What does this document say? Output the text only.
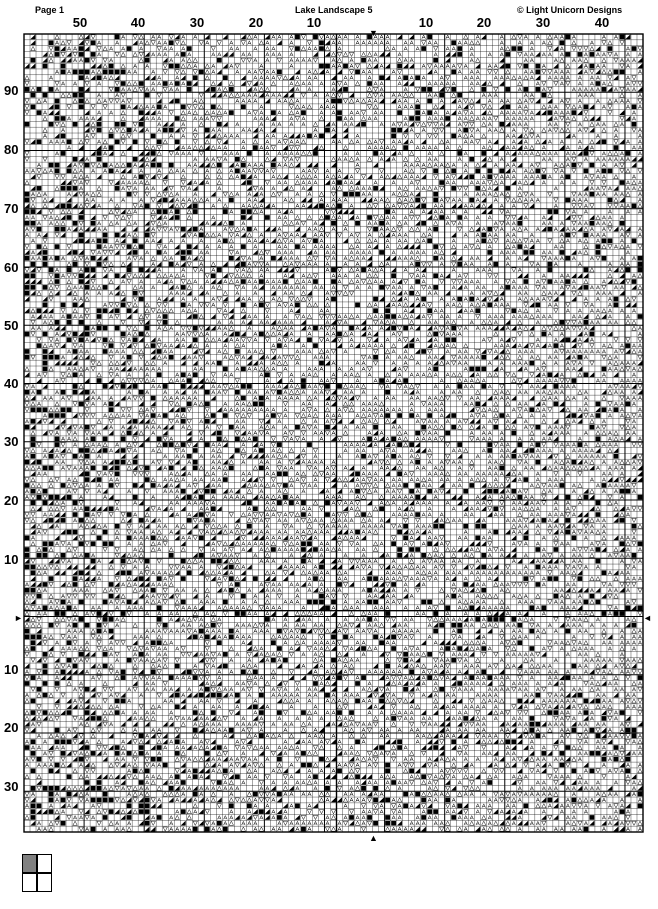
Page 1	Lake Landscape 5	© Light Unicorn Designs
50	40	30	20	10	10	20	30	40
90
80
70
60
50
40
30
20
10
10
20
30
▼
▲
►	◄
